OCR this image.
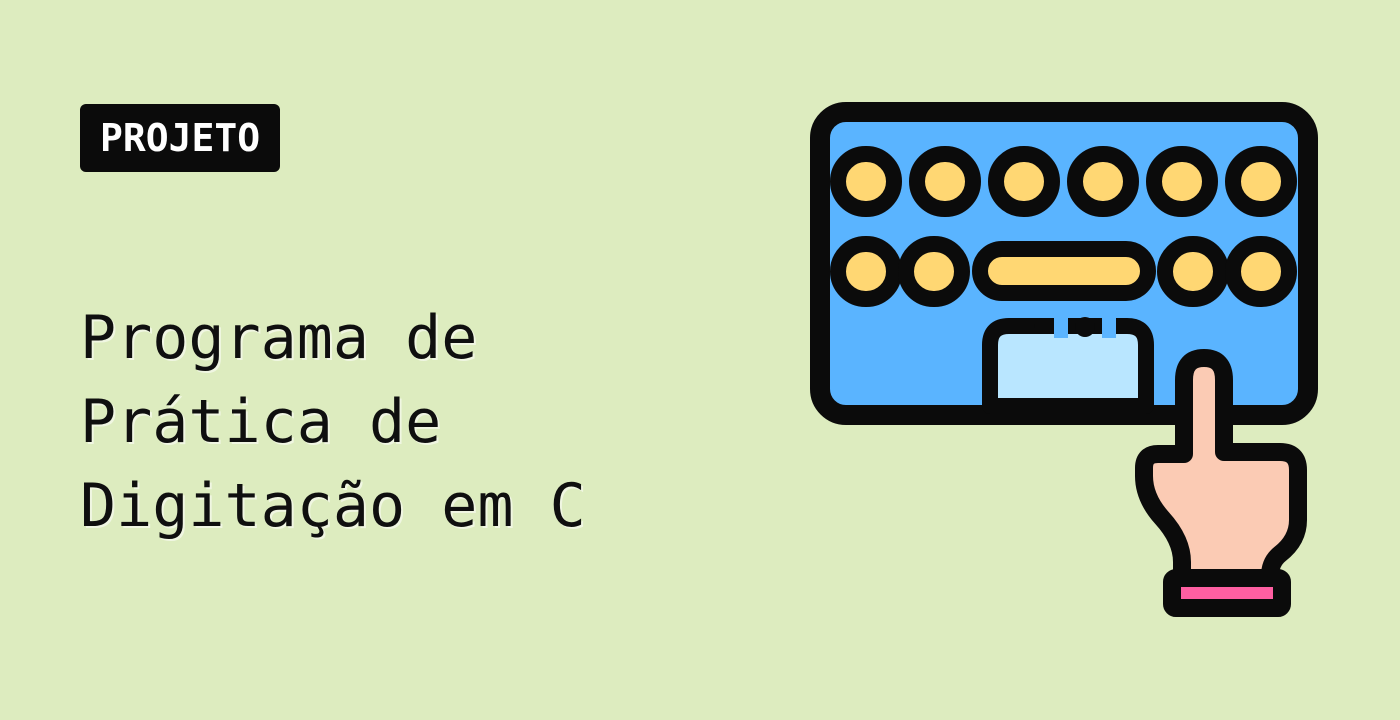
PROJETO
Programa de
Prática de
Digitação em C
